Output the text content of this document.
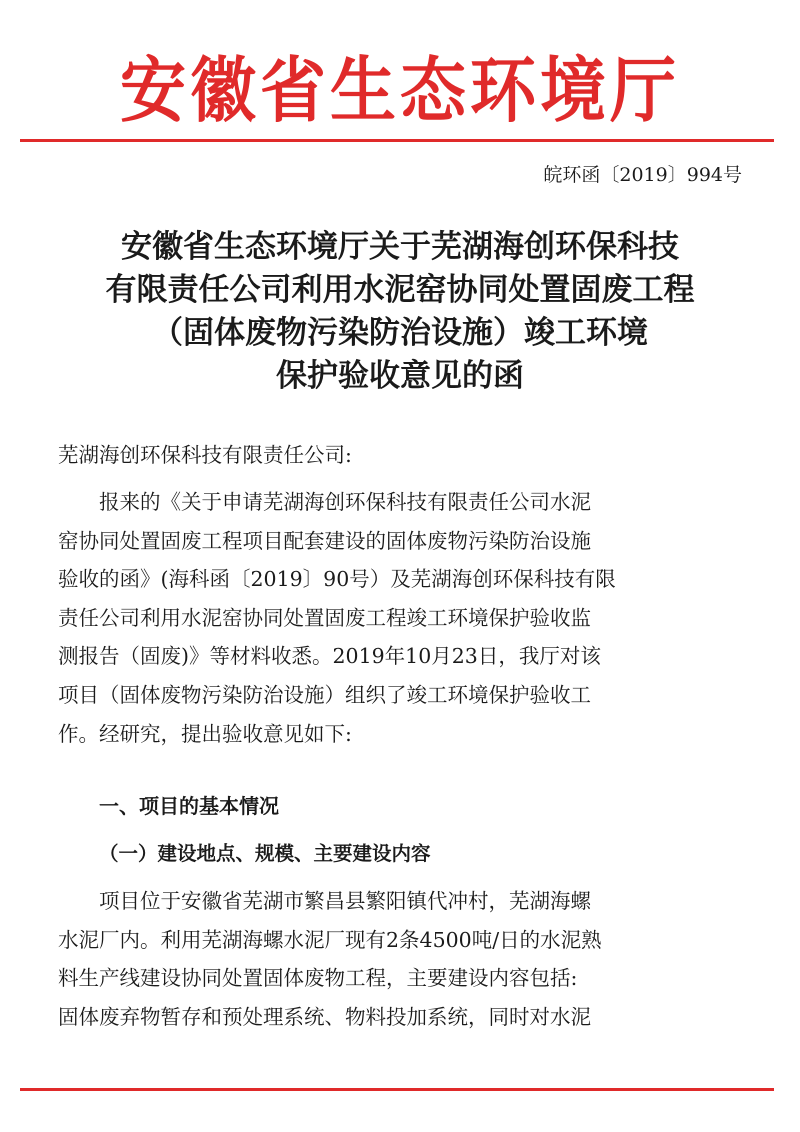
安徽省生态环境厅
皖环函〔2019〕994号
安徽省生态环境厅关于芜湖海创环保科技
有限责任公司利用水泥窑协同处置固废工程
（固体废物污染防治设施）竣工环境
保护验收意见的函
芜湖海创环保科技有限责任公司:
报来的《关于申请芜湖海创环保科技有限责任公司水泥
窑协同处置固废工程项目配套建设的固体废物污染防治设施
验收的函》(海科函〔2019〕90号）及芜湖海创环保科技有限
责任公司利用水泥窑协同处置固废工程竣工环境保护验收监
测报告（固废)》等材料收悉。2019年10月23日，我厅对该
项目（固体废物污染防治设施）组织了竣工环境保护验收工
作。经研究，提出验收意见如下:
一、项目的基本情况
（一）建设地点、规模、主要建设内容
项目位于安徽省芜湖市繁昌县繁阳镇代冲村，芜湖海螺
水泥厂内。利用芜湖海螺水泥厂现有2条4500吨/日的水泥熟
料生产线建设协同处置固体废物工程，主要建设内容包括:
固体废弃物暂存和预处理系统、物料投加系统，同时对水泥
